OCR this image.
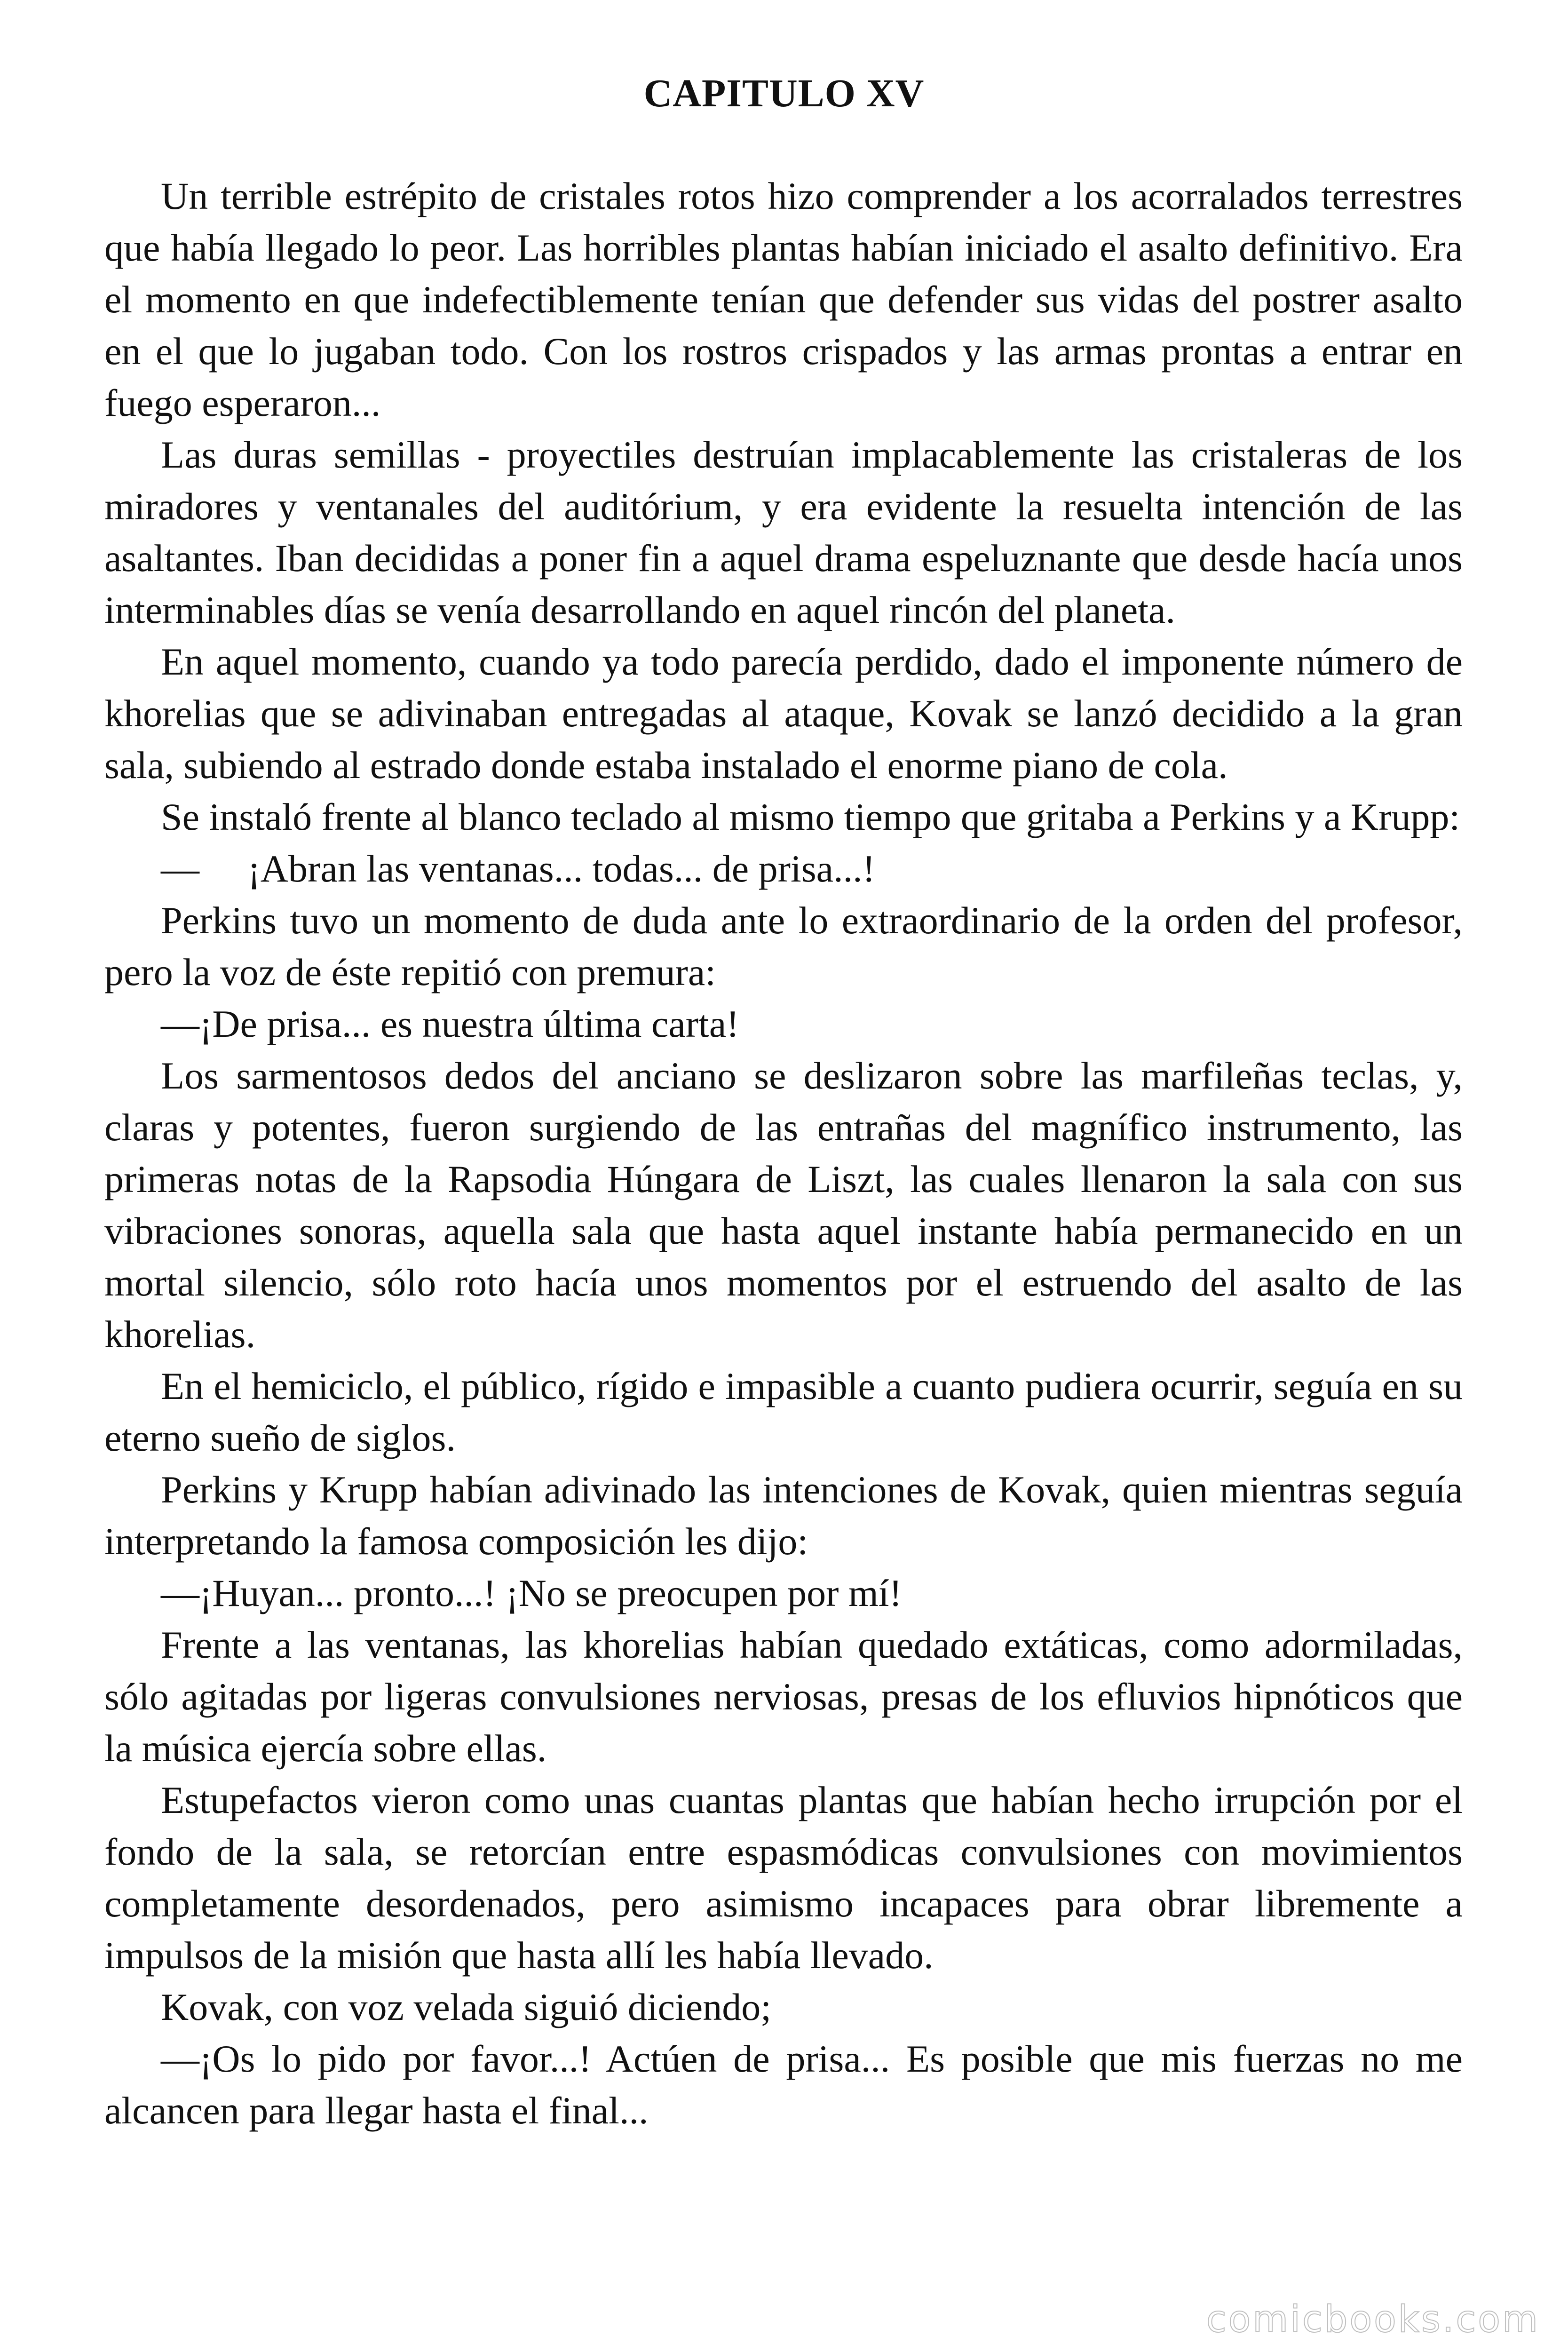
CAPITULO XV

Un terrible estrépito de cristales rotos hizo comprender a los acorralados terrestres que había llegado lo peor. Las horribles plantas habían iniciado el asalto definitivo. Era el momento en que indefectiblemente tenían que defender sus vidas del postrer asalto en el que lo jugaban todo. Con los rostros crispados y las armas prontas a entrar en fuego esperaron...

Las duras semillas - proyectiles destruían implacablemente las cristaleras de los miradores y ventanales del auditórium, y era evidente la resuelta intención de las asaltantes. Iban decididas a poner fin a aquel drama espeluznante que desde hacía unos interminables días se venía desarrollando en aquel rincón del planeta.

En aquel momento, cuando ya todo parecía perdido, dado el imponente número de khorelias que se adivinaban entregadas al ataque, Kovak se lanzó decidido a la gran sala, subiendo al estrado donde estaba instalado el enorme piano de cola.

Se instaló frente al blanco teclado al mismo tiempo que gritaba a Perkins y a Krupp:

—     ¡Abran las ventanas... todas... de prisa...!

Perkins tuvo un momento de duda ante lo extraordinario de la orden del profesor, pero la voz de éste repitió con premura:

—¡De prisa... es nuestra última carta!

Los sarmentosos dedos del anciano se deslizaron sobre las marfileñas teclas, y, claras y potentes, fueron surgiendo de las entrañas del magnífico instrumento, las primeras notas de la Rapsodia Húngara de Liszt, las cuales llenaron la sala con sus vibraciones sonoras, aquella sala que hasta aquel instante había permanecido en un mortal silencio, sólo roto hacía unos momentos por el estruendo del asalto de las khorelias.

En el hemiciclo, el público, rígido e impasible a cuanto pudiera ocurrir, seguía en su eterno sueño de siglos.

Perkins y Krupp habían adivinado las intenciones de Kovak, quien mientras seguía interpretando la famosa composición les dijo:

—¡Huyan... pronto...! ¡No se preocupen por mí!

Frente a las ventanas, las khorelias habían quedado extáticas, como adormiladas, sólo agitadas por ligeras convulsiones nerviosas, presas de los efluvios hipnóticos que la música ejercía sobre ellas.

Estupefactos vieron como unas cuantas plantas que habían hecho irrupción por el fondo de la sala, se retorcían entre espasmódicas convulsiones con movimientos completamente desordenados, pero asimismo incapaces para obrar libremente a impulsos de la misión que hasta allí les había llevado.

Kovak, con voz velada siguió diciendo;

—¡Os lo pido por favor...! Actúen de prisa... Es posible que mis fuerzas no me alcancen para llegar hasta el final...

comicbooks.com
